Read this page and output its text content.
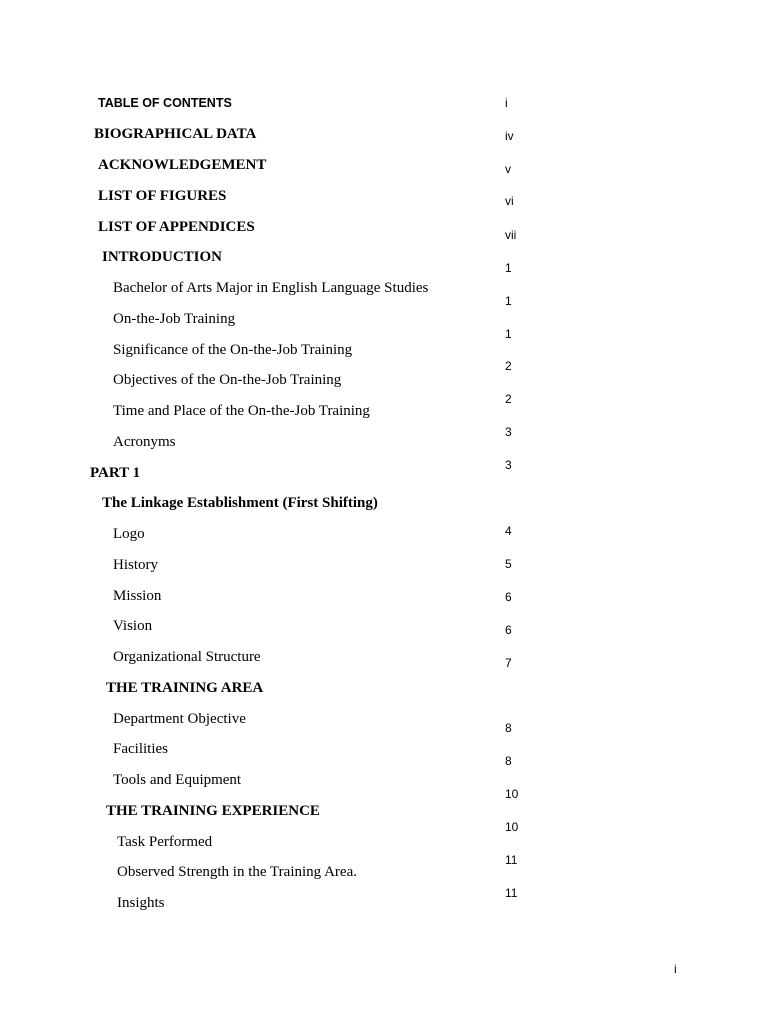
TABLE OF CONTENTS
BIOGRAPHICAL DATA
ACKNOWLEDGEMENT
LIST OF FIGURES
LIST OF APPENDICES
INTRODUCTION
Bachelor of Arts Major in English Language Studies
On-the-Job Training
Significance of the On-the-Job Training
Objectives of the On-the-Job Training
Time and Place of the On-the-Job Training
Acronyms
PART 1
The Linkage Establishment (First Shifting)
Logo
History
Mission
Vision
Organizational Structure
THE TRAINING AREA
Department Objective
Facilities
Tools and Equipment
THE TRAINING EXPERIENCE
Task Performed
Observed Strength in the Training Area.
Insights
i
iv
v
vi
vii
1
1
1
2
2
3
3
4
5
6
6
7
8
8
10
10
11
11
i
